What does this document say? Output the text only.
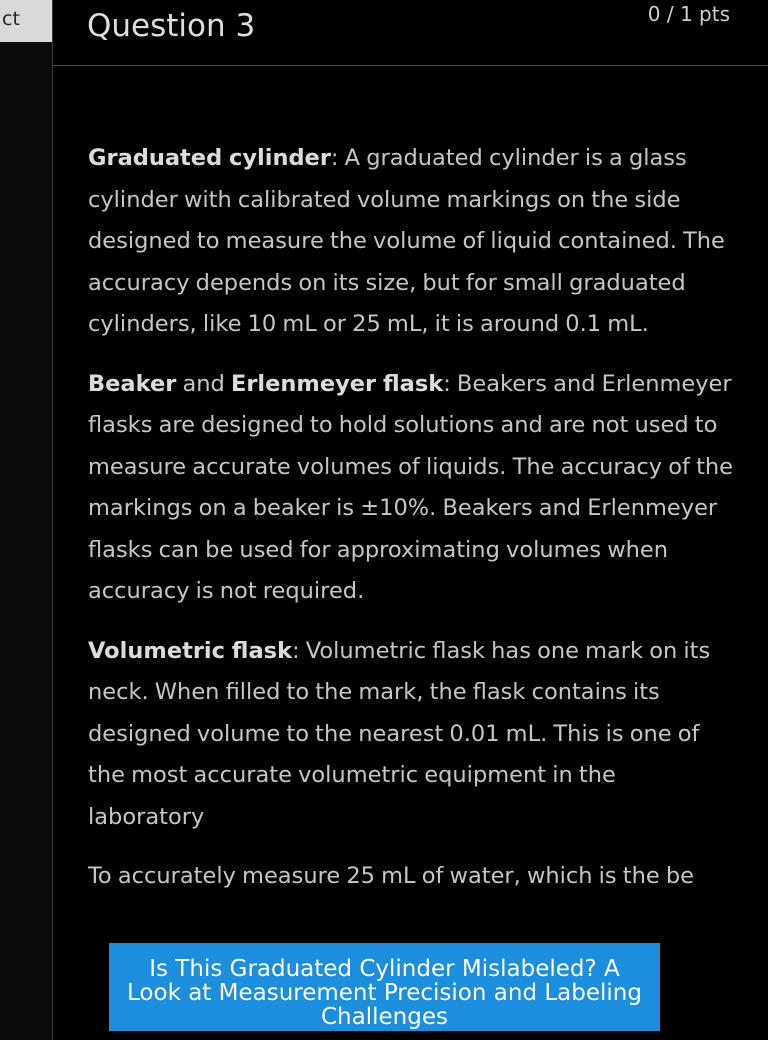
ct	Question 3	0 / 1 pts

Graduated cylinder: A graduated cylinder is a glass cylinder with calibrated volume markings on the side designed to measure the volume of liquid contained. The accuracy depends on its size, but for small graduated cylinders, like 10 mL or 25 mL, it is around 0.1 mL.

Beaker and Erlenmeyer flask: Beakers and Erlenmeyer flasks are designed to hold solutions and are not used to measure accurate volumes of liquids. The accuracy of the markings on a beaker is ±10%. Beakers and Erlenmeyer flasks can be used for approximating volumes when accuracy is not required.

Volumetric flask: Volumetric flask has one mark on its neck. When filled to the mark, the flask contains its designed volume to the nearest 0.01 mL. This is one of the most accurate volumetric equipment in the laboratory

To accurately measure 25 mL of water, which is the be

Is This Graduated Cylinder Mislabeled? A Look at Measurement Precision and Labeling Challenges
